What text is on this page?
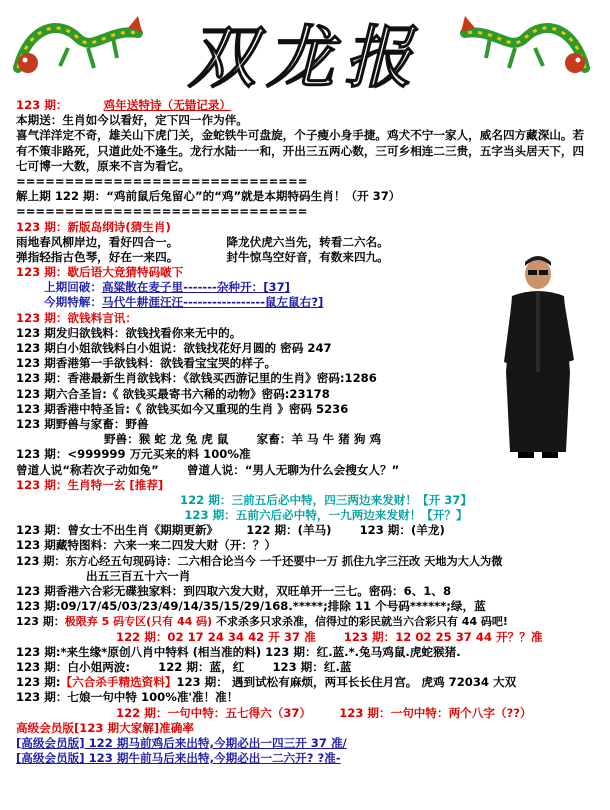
双龙报
123 期：	鸡年送特诗（无错记录）
本期送：生肖如今以看好，定下四一作为伴。
喜气洋洋定不奇，雄关山下虎门关，金蛇铁牛可盘旋，个子瘦小身手捷。鸡犬不宁一家人，威名四方藏深山。若有不策非路死，只道此处不逢生。龙行水陆一一和，开出三五两心数，三可乡相连二三贵，五字当头居天下，四七可博一大数，原来不言为看它。
==============================
解上期 122 期：“鸡前鼠后兔留心”的“鸡”就是本期特码生肖！（开 37）
==============================
123 期：新版岛纲诗(猜生肖)
雨地春风柳岸边，看好四合一。	降龙伏虎六当先，转看二六名。
弹指轻指古色琴，好在一来四。	封牛惊鸟空好音，有数来四九。
123 期：歇后语大竞猜特码啵下
上期回破：高粱散在麦子里-------杂种开：[37]
今期特解：马代牛耕涯汪汪-----------------鼠左鼠右?]
123 期：欲钱料言讯：
123 期发归欲钱料：欲钱找看你来无中的。
123 期白小姐欲钱料白小姐说：欲钱找花好月圆的 密码 247
123 期香港第一手欲钱料：欲钱看宝宝哭的样子。
123 期：香港最新生肖欲钱料：《欲钱买西游记里的生肖》密码:1286
123 期六合圣旨:《 欲钱买最寄书六稀的动物》密码:23178
123 期香港中特圣旨:《 欲钱买如今又重现的生肖 》密码 5236
123 期野兽与家畜：野兽
野兽：猴 蛇 龙 兔 虎 鼠 家畜：羊 马 牛 猪 狗 鸡
123 期：<999999 万元买来的料 100%准
曾道人说“称若次子动如兔” 曾道人说：“男人无聊为什么会搜女人？”
123 期：生肖特一玄 [推荐]
122 期：三前五后必中特，四三两边来发财！【开 37】
123 期：五前六后必中特，一九两边来发财！【开？】
123 期：曾女士不出生肖《期期更新》 122 期：(羊马) 123 期：(羊龙)
123 期藏特图料：六来一来二四发大财（开：？）
123 期：东方心经五句现码诗：二六相合论当今 一千还要中一万 抓住九字三汪改 天地为大人为微
出五三百五十六一肖
123 期香港六合彩无碟独家料：到四取六发大财，双旺单开一三七。密码：6、1、8
123 期:09/17/45/03/23/49/14/35/15/29/168.*****;排除 11 个号码******;绿，蓝
123 期：极限弃 5 码专区(只有 44 码) 不求杀多只求杀准，信得过的彩民就当六合彩只有 44 码吧!
122 期：02 17 24 34 42 开 37 准 123 期：12 02 25 37 44 开？？准
123 期:*来生缘*原创八肖中特料 (相当准的料) 123 期：红.蓝.*.兔马鸡鼠.虎蛇猴猪.
123 期：白小姐两波: 122 期：蓝，红 123 期：红.蓝
123 期:【六合杀手精选资料】123 期： 遇到试松有麻烦，两耳长长住月宫。 虎鸡 72034 大双
123 期：七娘一句中特 100%准'准！准！
122 期：一句中特：五七得六（37） 123 期：一句中特：两个八字（??）
高级会员版[123 期大家解]准确率
[高级会员版] 122 期马前鸡后来出特,今期必出一四三开 37 准/
[高级会员版] 123 期牛前马后来出特,今期必出一二六开? ?准-
